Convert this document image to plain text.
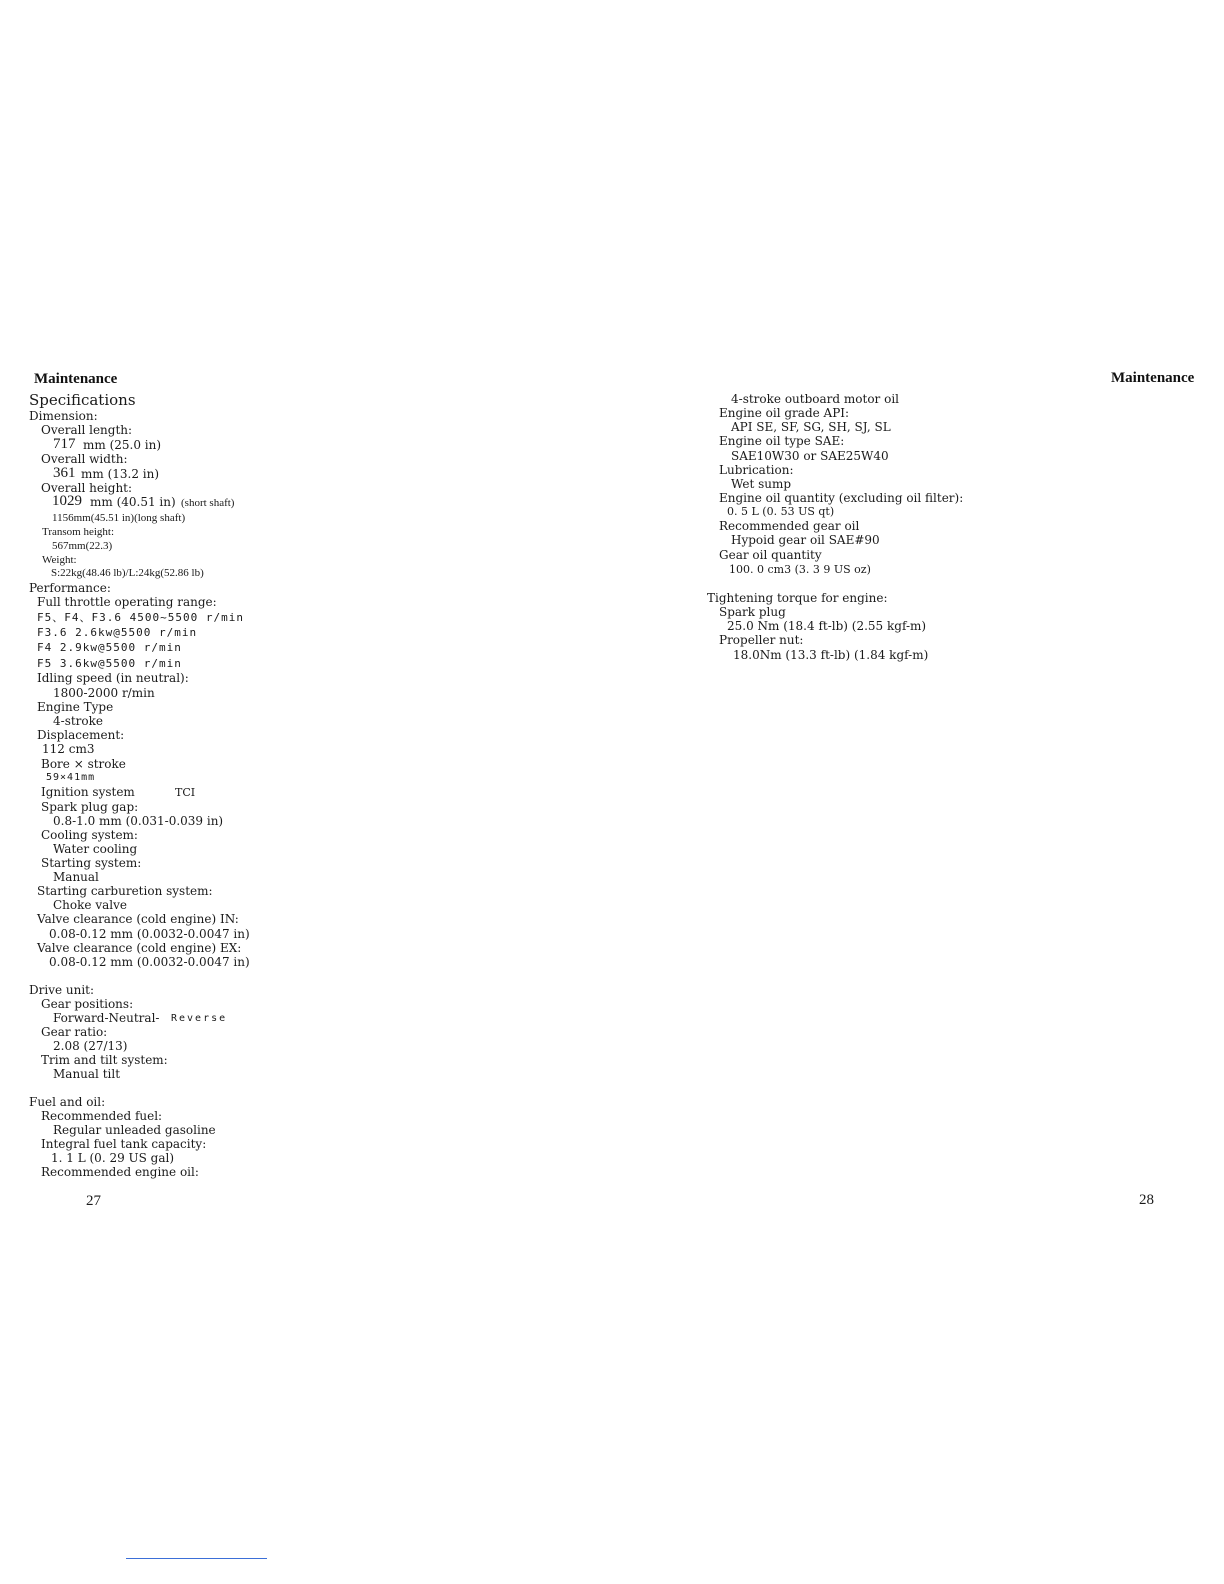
Maintenance
Specifications
Dimension:
Overall length:
717 mm (25.0 in)
Overall width:
361 mm (13.2 in)
Overall height:
1029 mm (40.51 in) (short shaft)
1156mm(45.51 in)(long shaft)
Transom height:
567mm(22.3)
Weight:
S:22kg(48.46 lb)/L:24kg(52.86 lb)
Performance:
Full throttle operating range:
F5、F4、F3.6 4500~5500 r/min
F3.6 2.6kw@5500 r/min
F4 2.9kw@5500 r/min
F5 3.6kw@5500 r/min
Idling speed (in neutral):
1800-2000 r/min
Engine Type
4-stroke
Displacement:
112 cm3
Bore × stroke
59×41mm
Ignition system	TCI
Spark plug gap:
0.8-1.0 mm (0.031-0.039 in)
Cooling system:
Water cooling
Starting system:
Manual
Starting carburetion system:
Choke valve
Valve clearance (cold engine) IN:
0.08-0.12 mm (0.0032-0.0047 in)
Valve clearance (cold engine) EX:
0.08-0.12 mm (0.0032-0.0047 in)
Drive unit:
Gear positions:
Forward-Neutral- Reverse
Gear ratio:
2.08 (27/13)
Trim and tilt system:
Manual tilt
Fuel and oil:
Recommended fuel:
Regular unleaded gasoline
Integral fuel tank capacity:
1. 1 L (0. 29 US gal)
Recommended engine oil:
27
Maintenance
4-stroke outboard motor oil
Engine oil grade API:
API SE, SF, SG, SH, SJ, SL
Engine oil type SAE:
SAE10W30 or SAE25W40
Lubrication:
Wet sump
Engine oil quantity (excluding oil filter):
0. 5 L (0. 53 US qt)
Recommended gear oil
Hypoid gear oil SAE#90
Gear oil quantity
100. 0 cm3 (3. 3 9 US oz)
Tightening torque for engine:
Spark plug
25.0 Nm (18.4 ft-lb) (2.55 kgf-m)
Propeller nut:
18.0Nm (13.3 ft-lb) (1.84 kgf-m)
28
